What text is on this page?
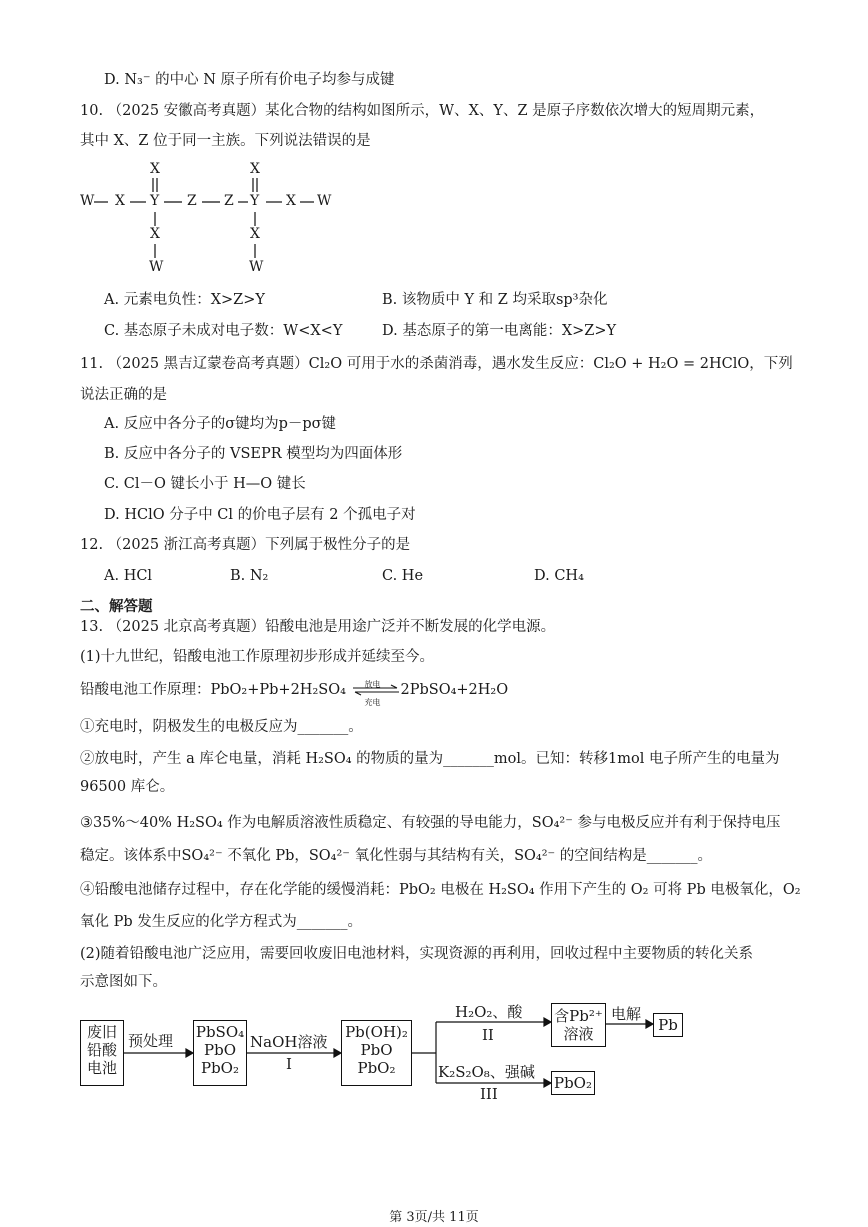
D. N₃⁻ 的中心 N 原子所有价电子均参与成键
10. （2025 安徽高考真题）某化合物的结构如图所示，W、X、Y、Z 是原子序数依次增大的短周期元素，
其中 X、Z 位于同一主族。下列说法错误的是
W X Y Z Z Y X W
X	X
X	X
W	W
A. 元素电负性：X>Z>Y	B. 该物质中 Y 和 Z 均采取sp³杂化
C. 基态原子未成对电子数：W<X<Y	D. 基态原子的第一电离能：X>Z>Y
11. （2025 黑吉辽蒙卷高考真题）Cl₂O 可用于水的杀菌消毒，遇水发生反应：Cl₂O + H₂O = 2HClO，下列
说法正确的是
A. 反应中各分子的σ键均为p－pσ键
B. 反应中各分子的 VSEPR 模型均为四面体形
C. Cl－O 键长小于 H—O 键长
D. HClO 分子中 Cl 的价电子层有 2 个孤电子对
12. （2025 浙江高考真题）下列属于极性分子的是
A. HCl	B. N₂	C. He	D. CH₄
二、解答题
13. （2025 北京高考真题）铅酸电池是用途广泛并不断发展的化学电源。
(1)十九世纪，铅酸电池工作原理初步形成并延续至今。
铅酸电池工作原理：PbO₂+Pb+2H₂SO₄ 放电
充电
2PbSO₄+2H₂O
①充电时，阴极发生的电极反应为_______。
②放电时，产生 a 库仑电量，消耗 H₂SO₄ 的物质的量为_______mol。已知：转移1mol 电子所产生的电量为
96500 库仑。
③35%～40% H₂SO₄ 作为电解质溶液性质稳定、有较强的导电能力，SO₄²⁻ 参与电极反应并有利于保持电压
稳定。该体系中SO₄²⁻ 不氧化 Pb，SO₄²⁻ 氧化性弱与其结构有关，SO₄²⁻ 的空间结构是_______。
④铅酸电池储存过程中，存在化学能的缓慢消耗：PbO₂ 电极在 H₂SO₄ 作用下产生的 O₂ 可将 Pb 电极氧化，O₂
氧化 Pb 发生反应的化学方程式为_______。
(2)随着铅酸电池广泛应用，需要回收废旧电池材料，实现资源的再利用，回收过程中主要物质的转化关系
示意图如下。
废旧
铅酸
电池
预处理 PbSO₄
PbO
PbO₂
NaOH溶液
I
Pb(OH)₂
PbO
PbO₂
H₂O₂、酸
II
含Pb²⁺
溶液
电解
Pb
K₂S₂O₈、强碱
III
PbO₂
第 3页/共 11页
